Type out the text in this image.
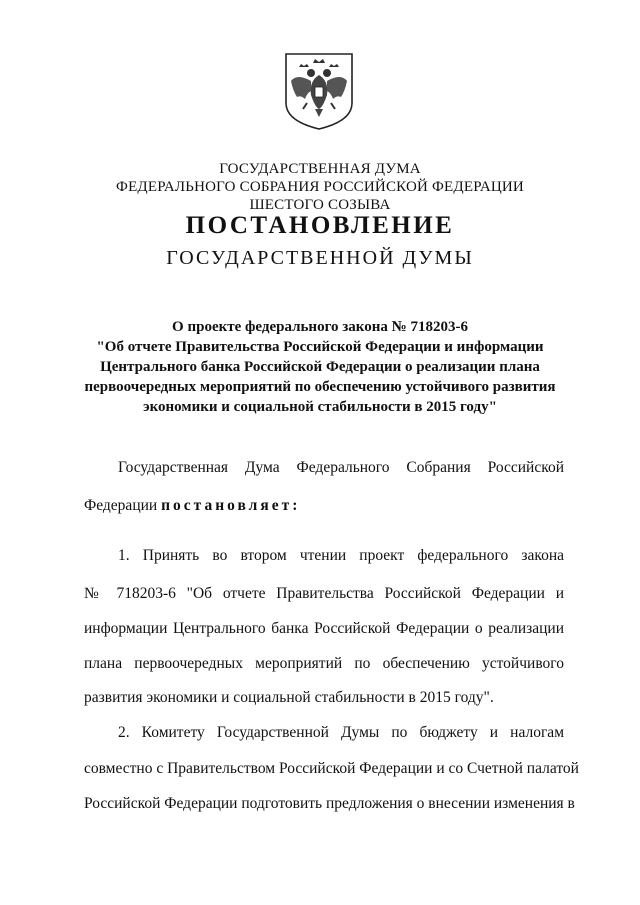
ГОСУДАРСТВЕННАЯ ДУМА
ФЕДЕРАЛЬНОГО СОБРАНИЯ РОССИЙСКОЙ ФЕДЕРАЦИИ
ШЕСТОГО СОЗЫВА
ПОСТАНОВЛЕНИЕ
ГОСУДАРСТВЕННОЙ ДУМЫ
О проекте федерального закона № 718203-6
"Об отчете Правительства Российской Федерации и информации
Центрального банка Российской Федерации о реализации плана
первоочередных мероприятий по обеспечению устойчивого развития
экономики и социальной стабильности в 2015 году"
Государственная Дума Федерального Собрания Российской
Федерации постановляет:
1. Принять во втором чтении проект федерального закона
№ 718203-6 "Об отчете Правительства Российской Федерации и
информации Центрального банка Российской Федерации о реализации
плана первоочередных мероприятий по обеспечению устойчивого
развития экономики и социальной стабильности в 2015 году".
2. Комитету Государственной Думы по бюджету и налогам
совместно с Правительством Российской Федерации и со Счетной палатой
Российской Федерации подготовить предложения о внесении изменения в
